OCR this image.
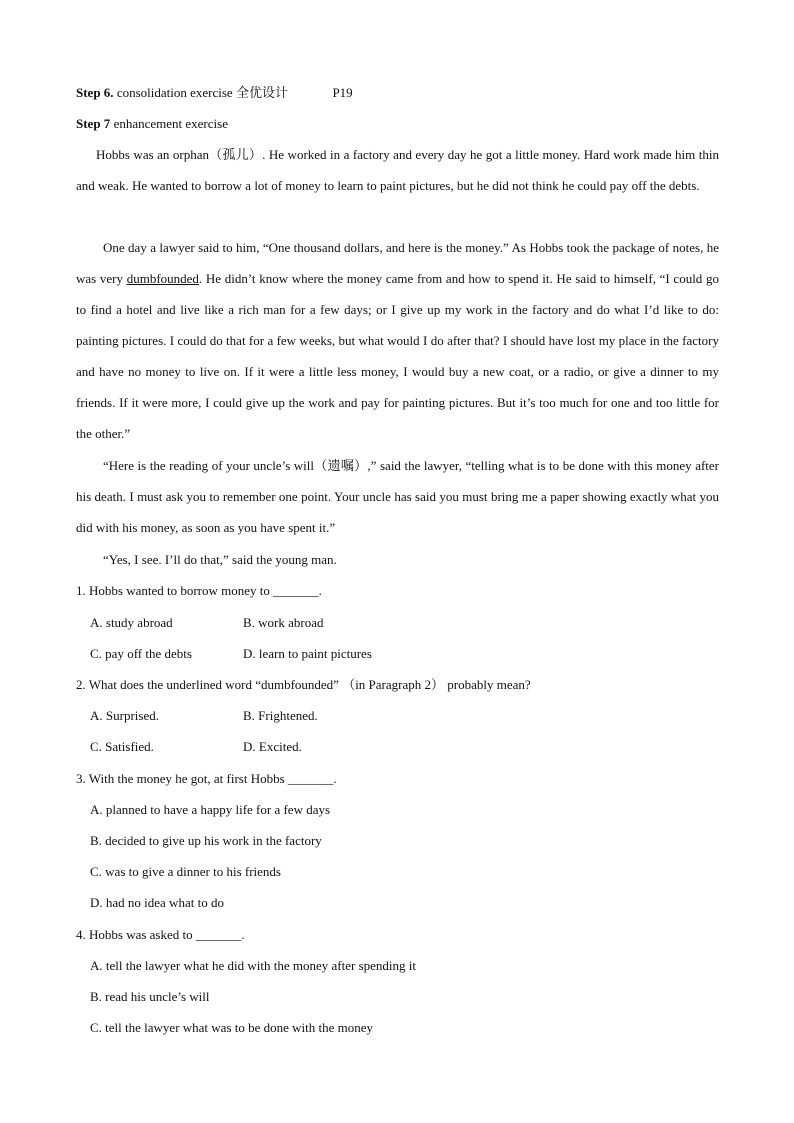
Step 6. consolidation exercise 全优设计	P19
Step 7 enhancement exercise
Hobbs was an orphan（孤儿）. He worked in a factory and every day he got a little money. Hard work made him thin and weak. He wanted to borrow a lot of money to learn to paint pictures, but he did not think he could pay off the debts.
One day a lawyer said to him, “One thousand dollars, and here is the money.” As Hobbs took the package of notes, he was very dumbfounded. He didn’t know where the money came from and how to spend it. He said to himself, “I could go to find a hotel and live like a rich man for a few days; or I give up my work in the factory and do what I’d like to do: painting pictures. I could do that for a few weeks, but what would I do after that? I should have lost my place in the factory and have no money to live on. If it were a little less money, I would buy a new coat, or a radio, or give a dinner to my friends. If it were more, I could give up the work and pay for painting pictures. But it’s too much for one and too little for the other.”
“Here is the reading of your uncle’s will（遗嘱）,” said the lawyer, “telling what is to be done with this money after his death. I must ask you to remember one point. Your uncle has said you must bring me a paper showing exactly what you did with his money, as soon as you have spent it.”
“Yes, I see. I’ll do that,” said the young man.
1. Hobbs wanted to borrow money to _______.
A. study abroad	B. work abroad
C. pay off the debts	D. learn to paint pictures
2. What does the underlined word “dumbfounded” （in Paragraph 2） probably mean?
A. Surprised.	B. Frightened.
C. Satisfied.	D. Excited.
3. With the money he got, at first Hobbs _______.
A. planned to have a happy life for a few days
B. decided to give up his work in the factory
C. was to give a dinner to his friends
D. had no idea what to do
4. Hobbs was asked to _______.
A. tell the lawyer what he did with the money after spending it
B. read his uncle’s will
C. tell the lawyer what was to be done with the money
